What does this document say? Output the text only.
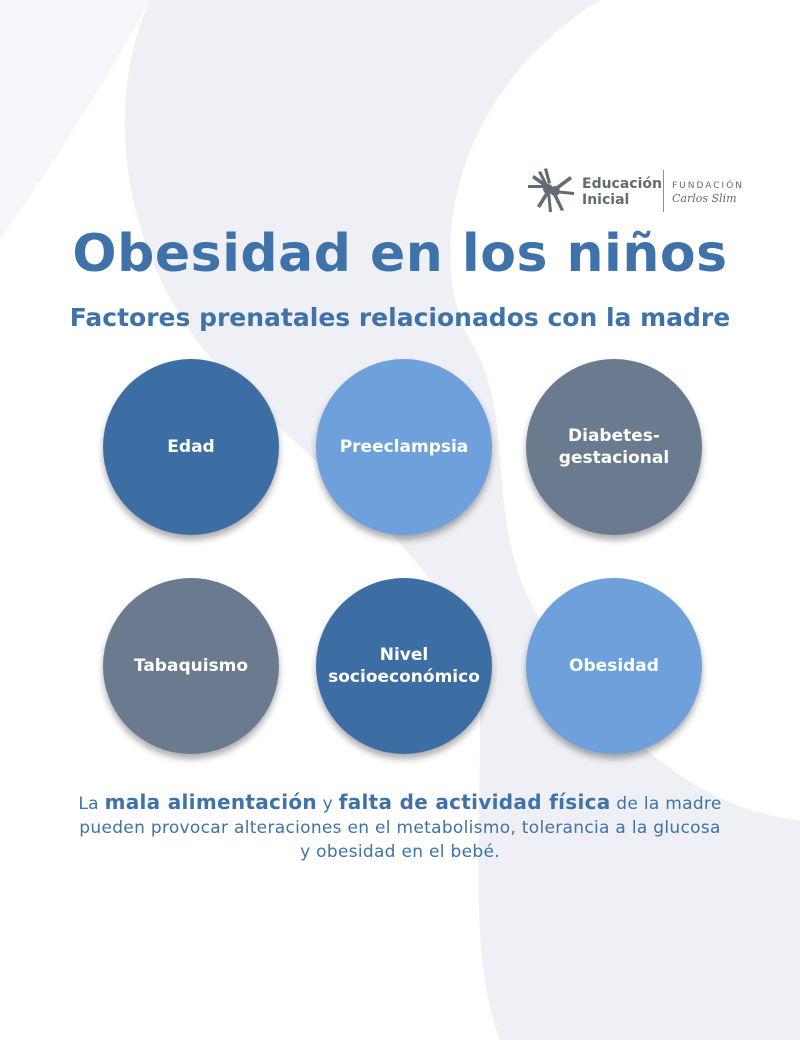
Educación
Inicial
FUNDACIÓN
Carlos Slim
Obesidad en los niños
Factores prenatales relacionados con la madre
Edad	Preeclampsia
Diabetes-
gestacional
Tabaquismo
Nivel
socioeconómico
Obesidad

La mala alimentación y falta de actividad física de la madre
pueden provocar alteraciones en el metabolismo, tolerancia a la glucosa
y obesidad en el bebé.
